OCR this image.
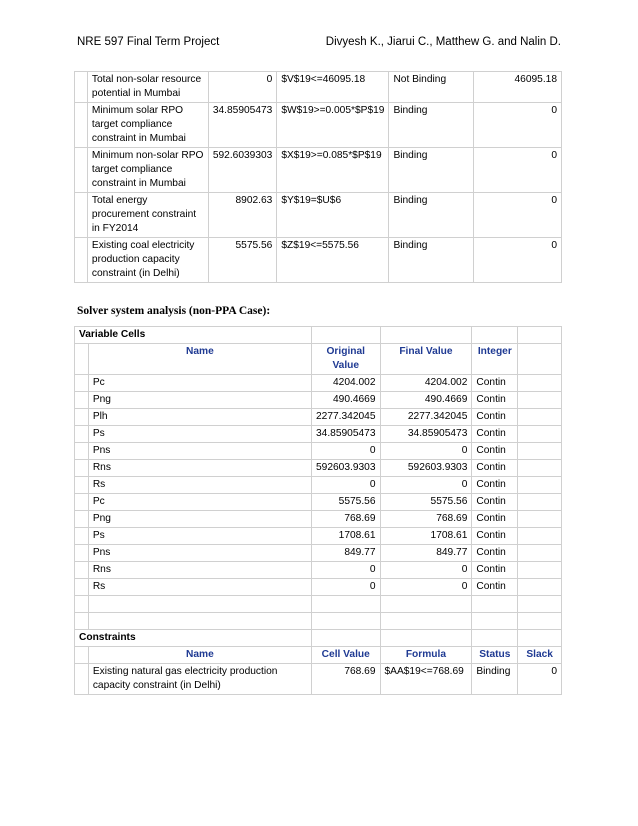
NRE 597 Final Term Project	Divyesh K., Jiarui C., Matthew G. and Nalin D.
	Total non-solar resource potential in Mumbai	0	$V$19<=46095.18	Not Binding	46095.18
	Minimum solar RPO target compliance constraint in Mumbai	34.85905473	$W$19>=0.005*$P$19	Binding	0
	Minimum non-solar RPO target compliance constraint in Mumbai	592.6039303	$X$19>=0.085*$P$19	Binding	0
	Total energy procurement constraint in FY2014	8902.63	$Y$19=$U$6	Binding	0
	Existing coal electricity production capacity constraint (in Delhi)	5575.56	$Z$19<=5575.56	Binding	0
Solver system analysis (non-PPA Case):
Variable Cells					
	Name	Original Value	Final Value	Integer	
	Pc	4204.002	4204.002	Contin	
	Png	490.4669	490.4669	Contin	
	Plh	2277.342045	2277.342045	Contin	
	Ps	34.85905473	34.85905473	Contin	
	Pns	0	0	Contin	
	Rns	592603.9303	592603.9303	Contin	
	Rs	0	0	Contin	
	Pc	5575.56	5575.56	Contin	
	Png	768.69	768.69	Contin	
	Ps	1708.61	1708.61	Contin	
	Pns	849.77	849.77	Contin	
	Rns	0	0	Contin	
	Rs	0	0	Contin	

Constraints					
	Name	Cell Value	Formula	Status	Slack
	Existing natural gas electricity production capacity constraint (in Delhi)	768.69	$AA$19<=768.69	Binding	0
